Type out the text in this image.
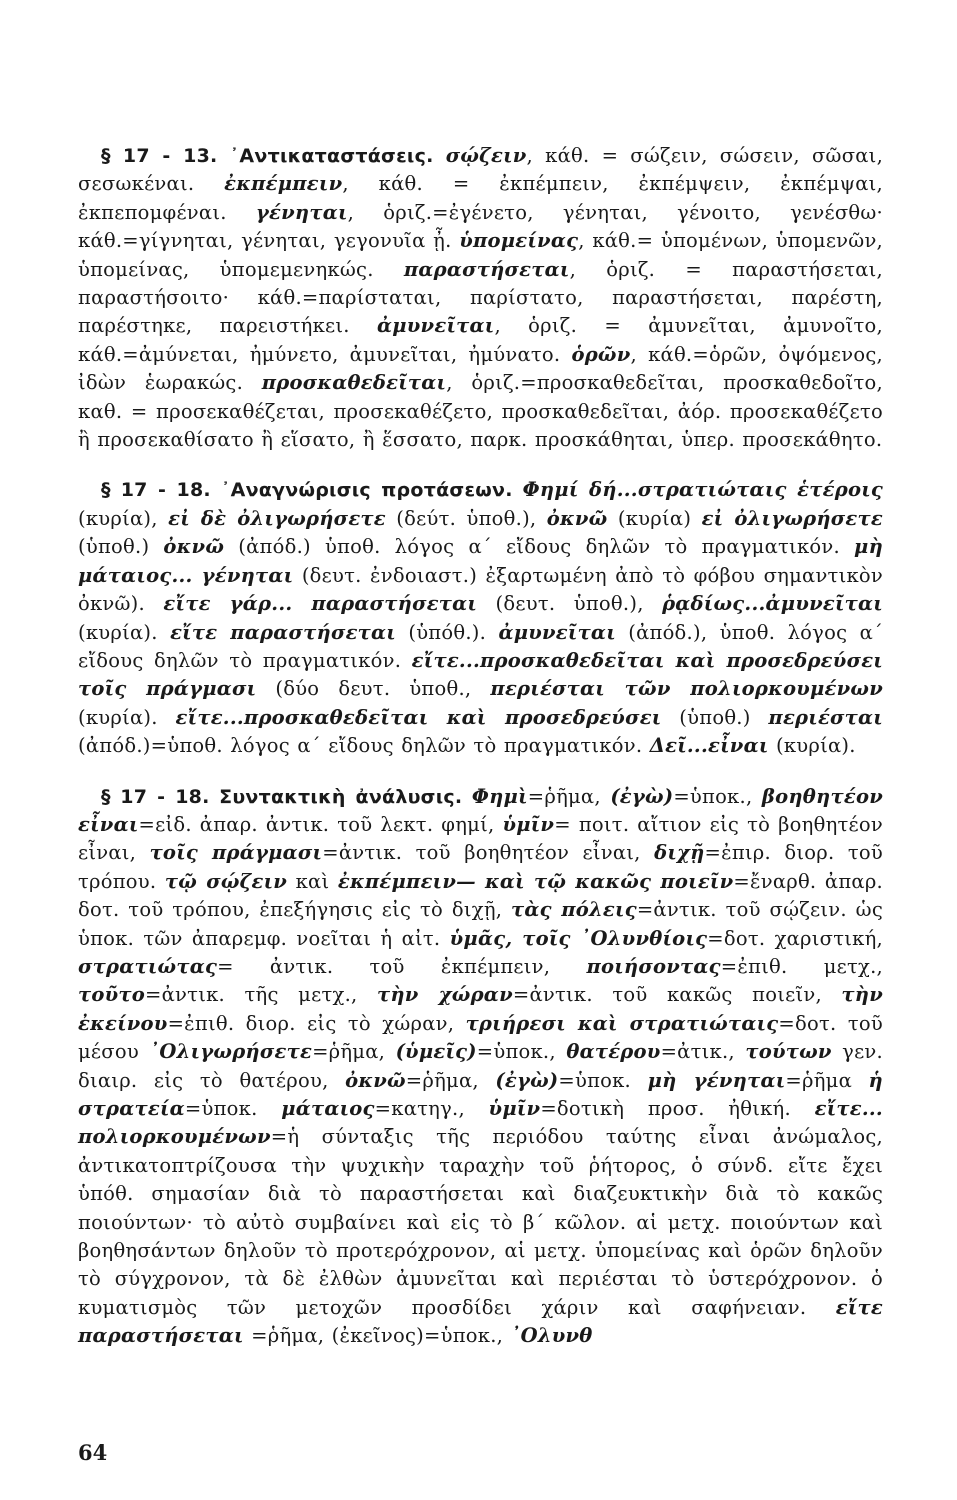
§ 17 - 13. ᾿Αντικαταστάσεις. σῴζειν, κάθ. = σώζειν, σώσειν, σῶσαι, σεσωκέναι. ἐκπέμπειν, κάθ. = ἐκπέμπειν, ἐκπέμψειν, ἐκπέμψαι, ἐκπεπομφέναι. γένηται, ὁριζ.=ἐγένετο, γένηται, γένοιτο, γενέσθω· κάθ.=γίγνηται, γένηται, γεγονυῖα ᾖ. ὑπομείνας, κάθ.= ὑπομένων, ὑπομενῶν, ὑπομείνας, ὑπομεμενηκώς. παραστήσεται, ὁριζ. = παραστήσεται, παραστήσοιτο· κάθ.=παρίσταται, παρίστατο, παραστήσεται, παρέστη, παρέστηκε, παρειστήκει. ἀμυνεῖται, ὁριζ. = ἀμυνεῖται, ἀμυνοῖτο, κάθ.=ἀμύνεται, ἠμύνετο, ἀμυνεῖται, ἠμύνατο. ὁρῶν, κάθ.=ὁρῶν, ὀψόμενος, ἰδὼν ἑωρακώς. προσκαθεδεῖται, ὁριζ.=προσκαθεδεῖται, προσκαθεδοῖτο, καθ. = προσεκαθέζεται, προσεκαθέζετο, προσκαθεδεῖται, ἀόρ. προσεκαθέζετο ἢ προσεκαθίσατο ἢ εἵσατο, ἢ ἕσσατο, παρκ. προσκάθηται, ὑπερ. προσεκάθητο.
§ 17 - 18. ᾿Αναγνώρισις προτάσεων. Φημί δή...στρατιώταις ἑτέροις (κυρία), εἰ δὲ ὀλιγωρήσετε (δεύτ. ὑποθ.), ὀκνῶ (κυρία) εἰ ὀλιγωρήσετε (ὑποθ.) ὀκνῶ (ἀπόδ.) ὑποθ. λόγος α΄ εἴδους δηλῶν τὸ πραγματικόν. μὴ μάταιος... γένηται (δευτ. ἐνδοιαστ.) ἐξαρτωμένη ἀπὸ τὸ φόβου σημαντικὸν ὀκνῶ). εἴτε γάρ... παραστήσεται (δευτ. ὑποθ.), ῥᾳδίως...ἀμυνεῖται (κυρία). εἴτε παραστήσεται (ὑπόθ.). ἀμυνεῖται (ἀπόδ.), ὑποθ. λόγος α΄ εἴδους δηλῶν τὸ πραγματικόν. εἴτε...προσκαθεδεῖται καὶ προσεδρεύσει τοῖς πράγμασι (δύο δευτ. ὑποθ., περιέσται τῶν πολιορκουμένων (κυρία). εἴτε...προσκαθεδεῖται καὶ προσεδρεύσει (ὑποθ.) περιέσται (ἀπόδ.)=ὑποθ. λόγος α΄ εἴδους δηλῶν τὸ πραγματικόν. Δεῖ...εἶναι (κυρία).
§ 17 - 18. Συντακτικὴ ἀνάλυσις. Φημὶ=ῥῆμα, (ἐγὼ)=ὑποκ., βοηθητέον εἶναι=εἰδ. ἀπαρ. ἀντικ. τοῦ λεκτ. φημί, ὑμῖν= ποιτ. αἴτιον εἰς τὸ βοηθητέον εἶναι, τοῖς πράγμασι=ἀντικ. τοῦ βοηθητέον εἶναι, διχῇ=ἐπιρ. διορ. τοῦ τρόπου. τῷ σῴζειν καὶ ἐκπέμπειν— καὶ τῷ κακῶς ποιεῖν=ἔναρθ. ἀπαρ. δοτ. τοῦ τρόπου, ἐπεξήγησις εἰς τὸ διχῇ, τὰς πόλεις=ἀντικ. τοῦ σῴζειν. ὡς ὑποκ. τῶν ἀπαρεμφ. νοεῖται ἡ αἰτ. ὑμᾶς, τοῖς ᾿Ολυνθίοις=δοτ. χαριστική, στρατιώτας= ἀντικ. τοῦ ἐκπέμπειν, ποιήσοντας=ἐπιθ. μετχ., τοῦτο=ἀντικ. τῆς μετχ., τὴν χώραν=ἀντικ. τοῦ κακῶς ποιεῖν, τὴν ἐκείνου=ἐπιθ. διορ. εἰς τὸ χώραν, τριήρεσι καὶ στρατιώταις=δοτ. τοῦ μέσου ᾿Ολιγωρήσετε=ῥῆμα, (ὑμεῖς)=ὑποκ., θατέρου=ἀτικ., τούτων γεν. διαιρ. εἰς τὸ θατέρου, ὀκνῶ=ῥῆμα, (ἐγὼ)=ὑποκ. μὴ γένηται=ῥῆμα ἡ στρατεία=ὑποκ. μάταιος=κατηγ., ὑμῖν=δοτικὴ προσ. ἠθική. εἴτε... πολιορκουμένων=ἡ σύνταξις τῆς περιόδου ταύτης εἶναι ἀνώμαλος, ἀντικατοπτρίζουσα τὴν ψυχικὴν ταραχὴν τοῦ ῥήτορος, ὁ σύνδ. εἴτε ἔχει ὑπόθ. σημασίαν διὰ τὸ παραστήσεται καὶ διαζευκτικὴν διὰ τὸ κακῶς ποιούντων· τὸ αὐτὸ συμβαίνει καὶ εἰς τὸ β΄ κῶλον. αἱ μετχ. ποιούντων καὶ βοηθησάντων δηλοῦν τὸ προτερόχρονον, αἱ μετχ. ὑπομείνας καὶ ὁρῶν δηλοῦν τὸ σύγχρονον, τὰ δὲ ἐλθὼν ἀμυνεῖται καὶ περιέσται τὸ ὑστερόχρονον. ὁ κυματισμὸς τῶν μετοχῶν προσδίδει χάριν καὶ σαφήνειαν. εἴτε παραστήσεται =ῥῆμα, (ἐκεῖνος)=ὑποκ., ᾿Ολυνθ
64
